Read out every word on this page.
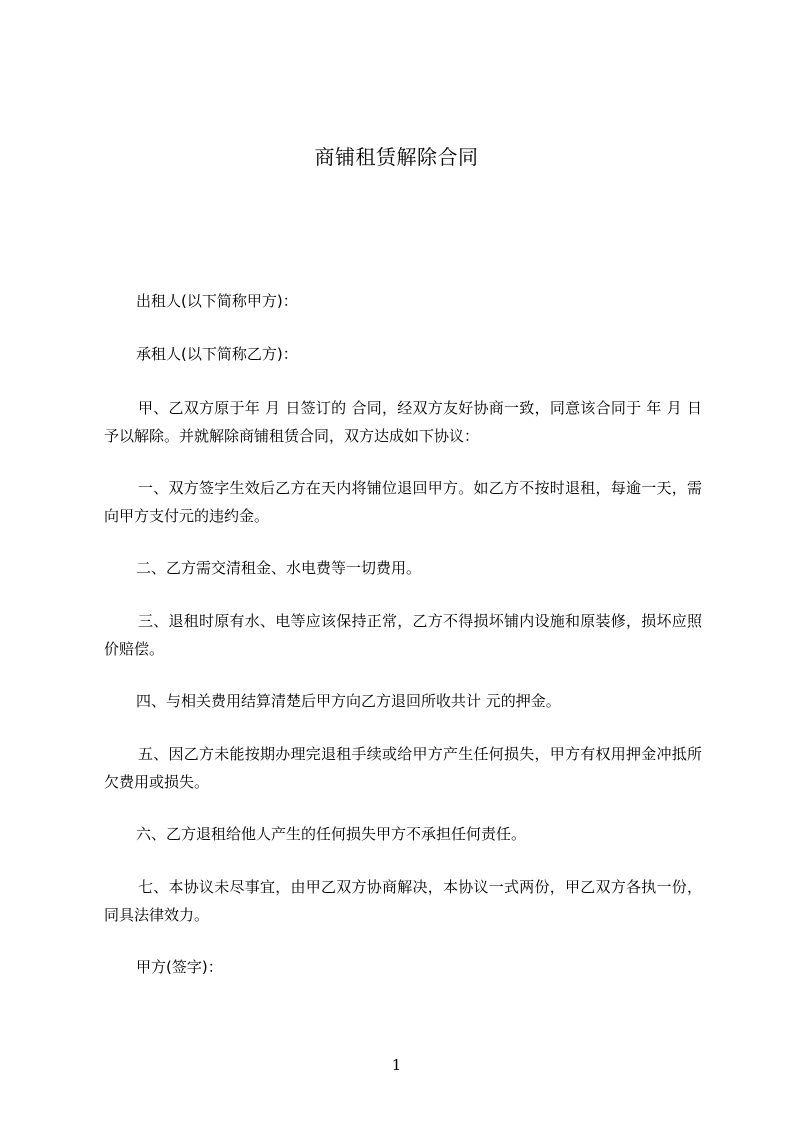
商铺租赁解除合同
出租人(以下简称甲方)：
承租人(以下简称乙方)：
甲、乙双方原于年 月 日签订的 合同，经双方友好协商一致，同意该合同于 年 月 日予以解除。并就解除商铺租赁合同，双方达成如下协议：
一、双方签字生效后乙方在天内将铺位退回甲方。如乙方不按时退租，每逾一天，需向甲方支付元的违约金。
二、乙方需交清租金、水电费等一切费用。
三、退租时原有水、电等应该保持正常，乙方不得损坏铺内设施和原装修，损坏应照价赔偿。
四、与相关费用结算清楚后甲方向乙方退回所收共计 元的押金。
五、因乙方未能按期办理完退租手续或给甲方产生任何损失，甲方有权用押金冲抵所欠费用或损失。
六、乙方退租给他人产生的任何损失甲方不承担任何责任。
七、本协议未尽事宜，由甲乙双方协商解决，本协议一式两份，甲乙双方各执一份，同具法律效力。
甲方(签字)：
1
